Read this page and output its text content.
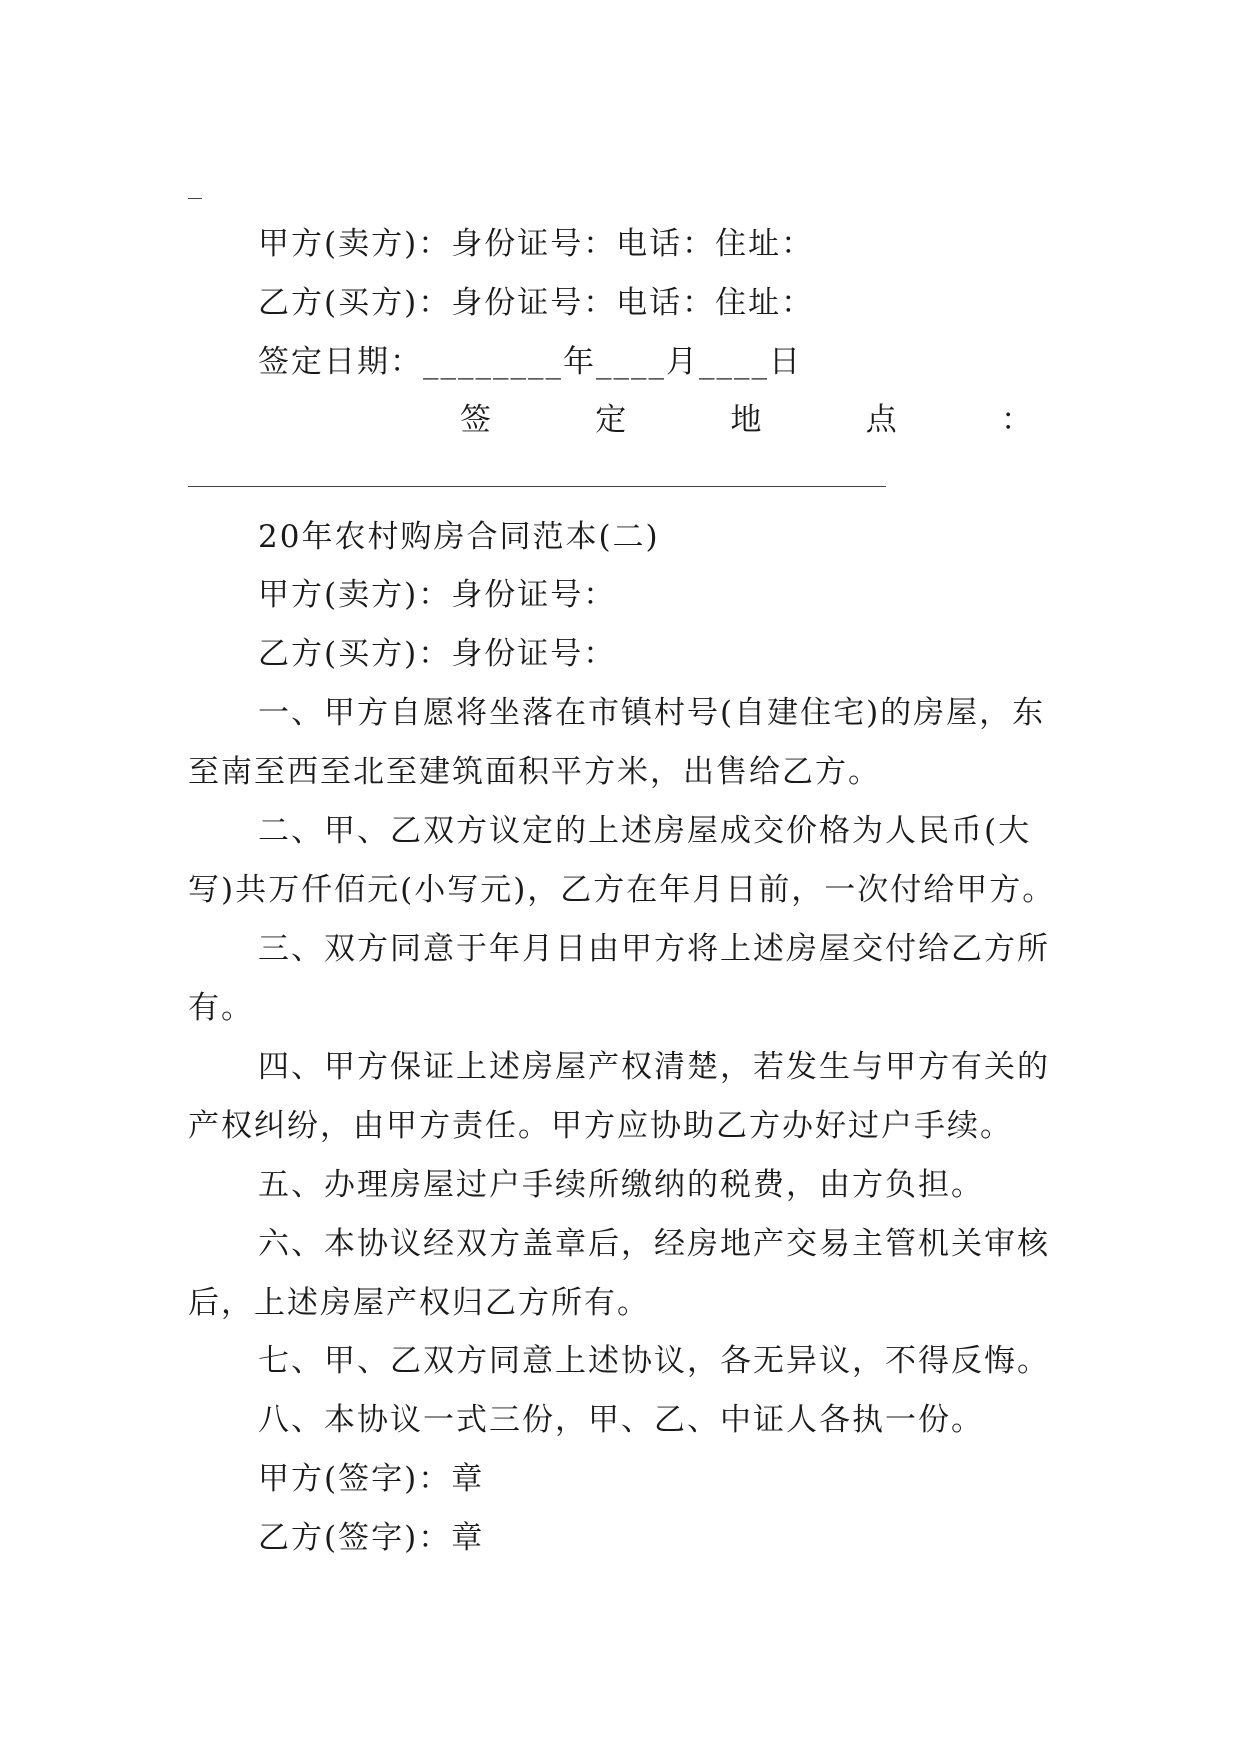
甲方(卖方)：身份证号：电话：住址：
乙方(买方)：身份证号：电话：住址：
签定日期：________年____月____日
签	定	地	点	：
20年农村购房合同范本(二)
甲方(卖方)：身份证号：
乙方(买方)：身份证号：
一、甲方自愿将坐落在市镇村号(自建住宅)的房屋，东
至南至西至北至建筑面积平方米，出售给乙方。
二、甲、乙双方议定的上述房屋成交价格为人民币(大
写)共万仟佰元(小写元)，乙方在年月日前，一次付给甲方。
三、双方同意于年月日由甲方将上述房屋交付给乙方所
有。
四、甲方保证上述房屋产权清楚，若发生与甲方有关的
产权纠纷，由甲方责任。甲方应协助乙方办好过户手续。
五、办理房屋过户手续所缴纳的税费，由方负担。
六、本协议经双方盖章后，经房地产交易主管机关审核
后，上述房屋产权归乙方所有。
七、甲、乙双方同意上述协议，各无异议，不得反悔。
八、本协议一式三份，甲、乙、中证人各执一份。
甲方(签字)：章
乙方(签字)：章
